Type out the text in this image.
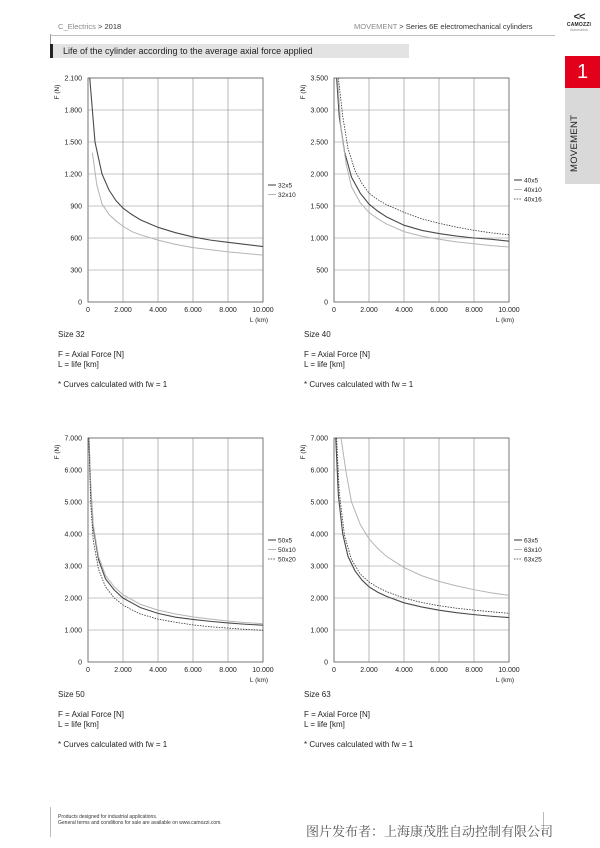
C_Electrics > 2018	MOVEMENT > Series 6E electromechanical cylinders
<<
CAMOZZI
Automation
Life of the cylinder according to the average axial force applied
1
MOVEMENT
0	2.000 4.000 6.000 8.000 10.000
0
300
600
900
1.200
1.500
1.800
2.100
F (N)
L (km)
32x5
32x10
0	2.000 4.000 6.000 8.000 10.000
0
500
1.000
1.500
2.000
2.500
3.000
3.500
F (N)
L (km)
40x5
40x10
40x16
0	2.000 4.000 6.000 8.000 10.000
0
1.000
2.000
3.000
4.000
5.000
6.000
7.000
F (N)
L (km)
50x5
50x10
50x20
0	2.000 4.000 6.000 8.000 10.000
0
1.000
2.000
3.000
4.000
5.000
6.000
7.000
F (N)
L (km)
63x5
63x10
63x25
Size 32
F = Axial Force [N]
L = life [km]
* Curves calculated with fw = 1
Size 40
F = Axial Force [N]
L = life [km]
* Curves calculated with fw = 1
Size 50
F = Axial Force [N]
L = life [km]
* Curves calculated with fw = 1
Size 63
F = Axial Force [N]
L = life [km]
* Curves calculated with fw = 1
Products designed for industrial applications.
General terms and conditions for sale are available on www.camozzi.com.
图片发布者：上海康茂胜自动控制有限公司
